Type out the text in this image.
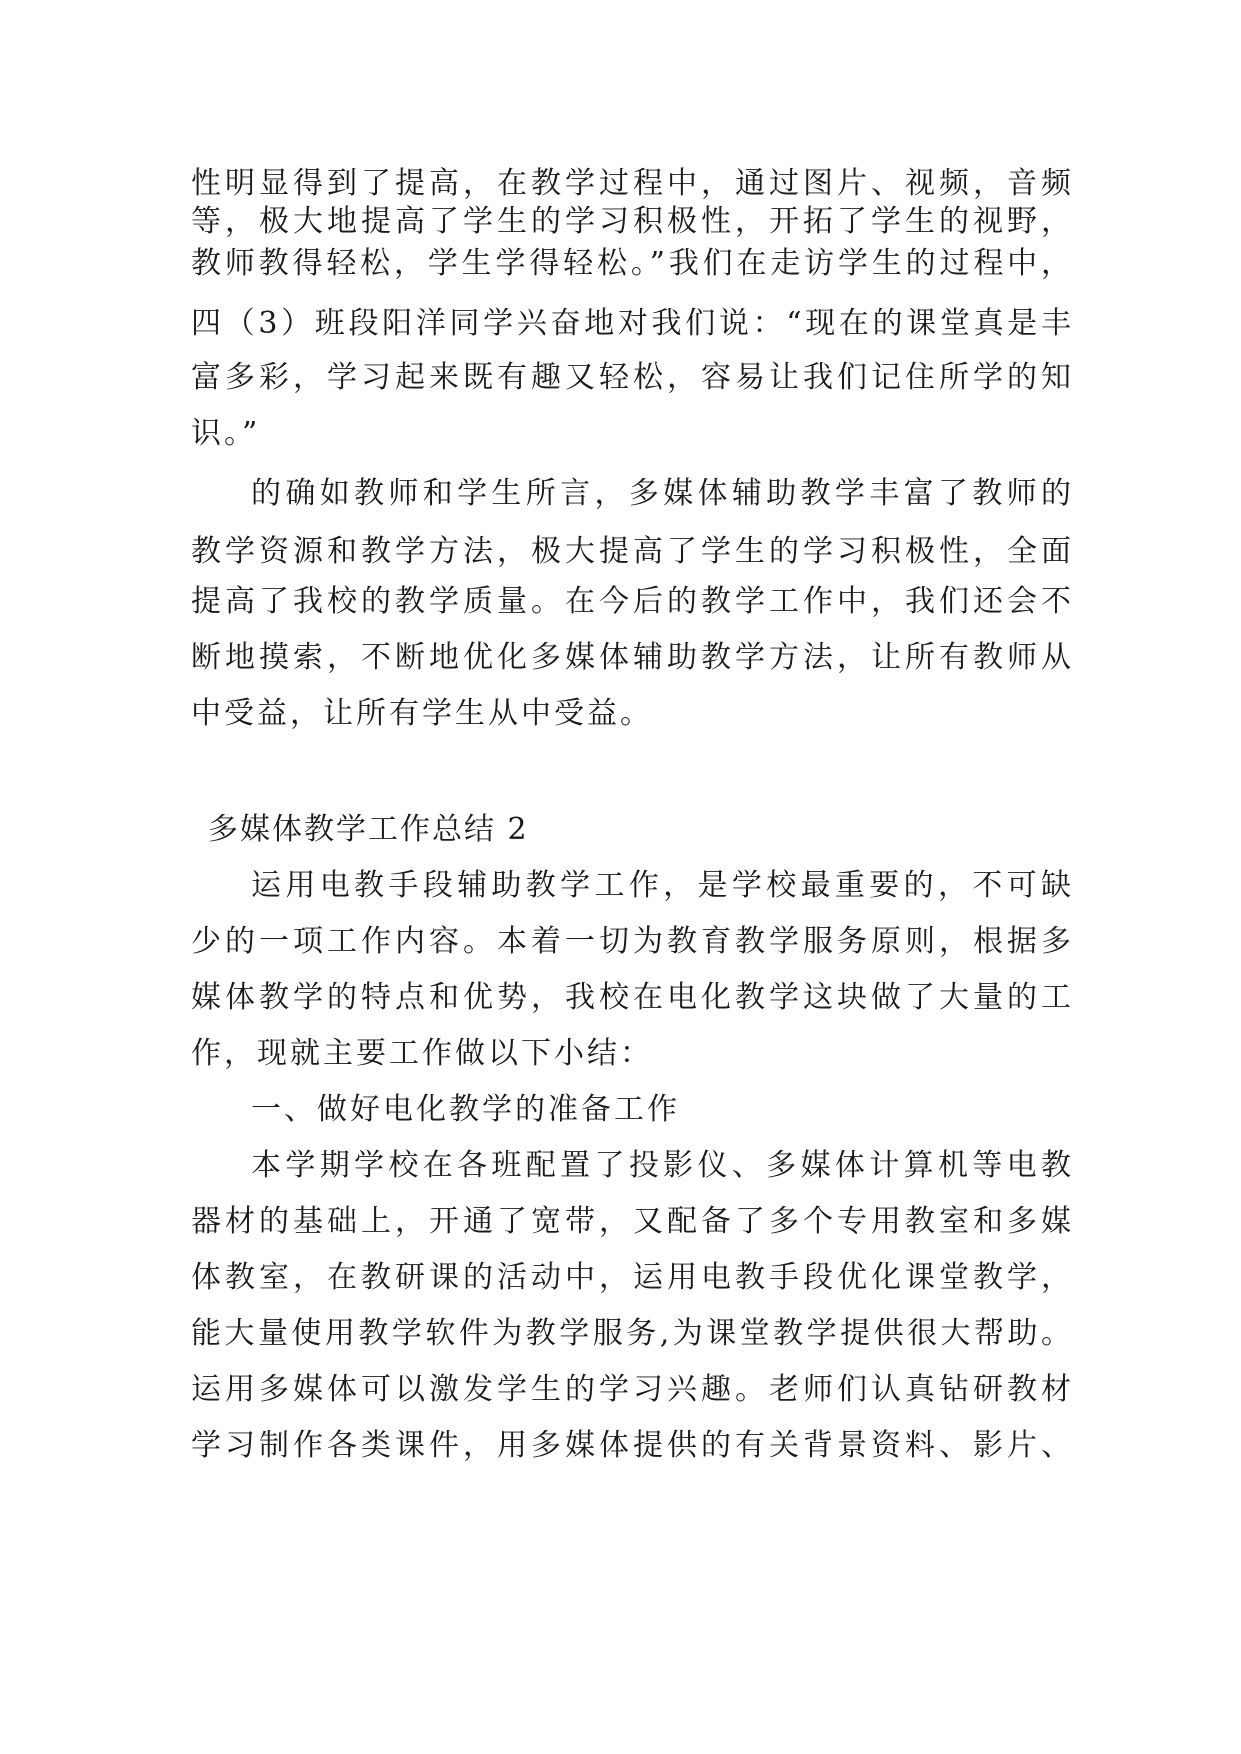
性明显得到了提高，在教学过程中，通过图片、视频，音频
等，极大地提高了学生的学习积极性，开拓了学生的视野，
教师教得轻松，学生学得轻松。”我们在走访学生的过程中，
四（3）班段阳洋同学兴奋地对我们说：“现在的课堂真是丰
富多彩，学习起来既有趣又轻松，容易让我们记住所学的知
识。”
的确如教师和学生所言，多媒体辅助教学丰富了教师的
教学资源和教学方法，极大提高了学生的学习积极性，全面
提高了我校的教学质量。在今后的教学工作中，我们还会不
断地摸索，不断地优化多媒体辅助教学方法，让所有教师从
中受益，让所有学生从中受益。
多媒体教学工作总结 2
运用电教手段辅助教学工作，是学校最重要的，不可缺
少的一项工作内容。本着一切为教育教学服务原则，根据多
媒体教学的特点和优势，我校在电化教学这块做了大量的工
作，现就主要工作做以下小结：
一、做好电化教学的准备工作
本学期学校在各班配置了投影仪、多媒体计算机等电教
器材的基础上，开通了宽带，又配备了多个专用教室和多媒
体教室，在教研课的活动中，运用电教手段优化课堂教学，
能大量使用教学软件为教学服务,为课堂教学提供很大帮助。
运用多媒体可以激发学生的学习兴趣。老师们认真钻研教材
学习制作各类课件，用多媒体提供的有关背景资料、影片、
